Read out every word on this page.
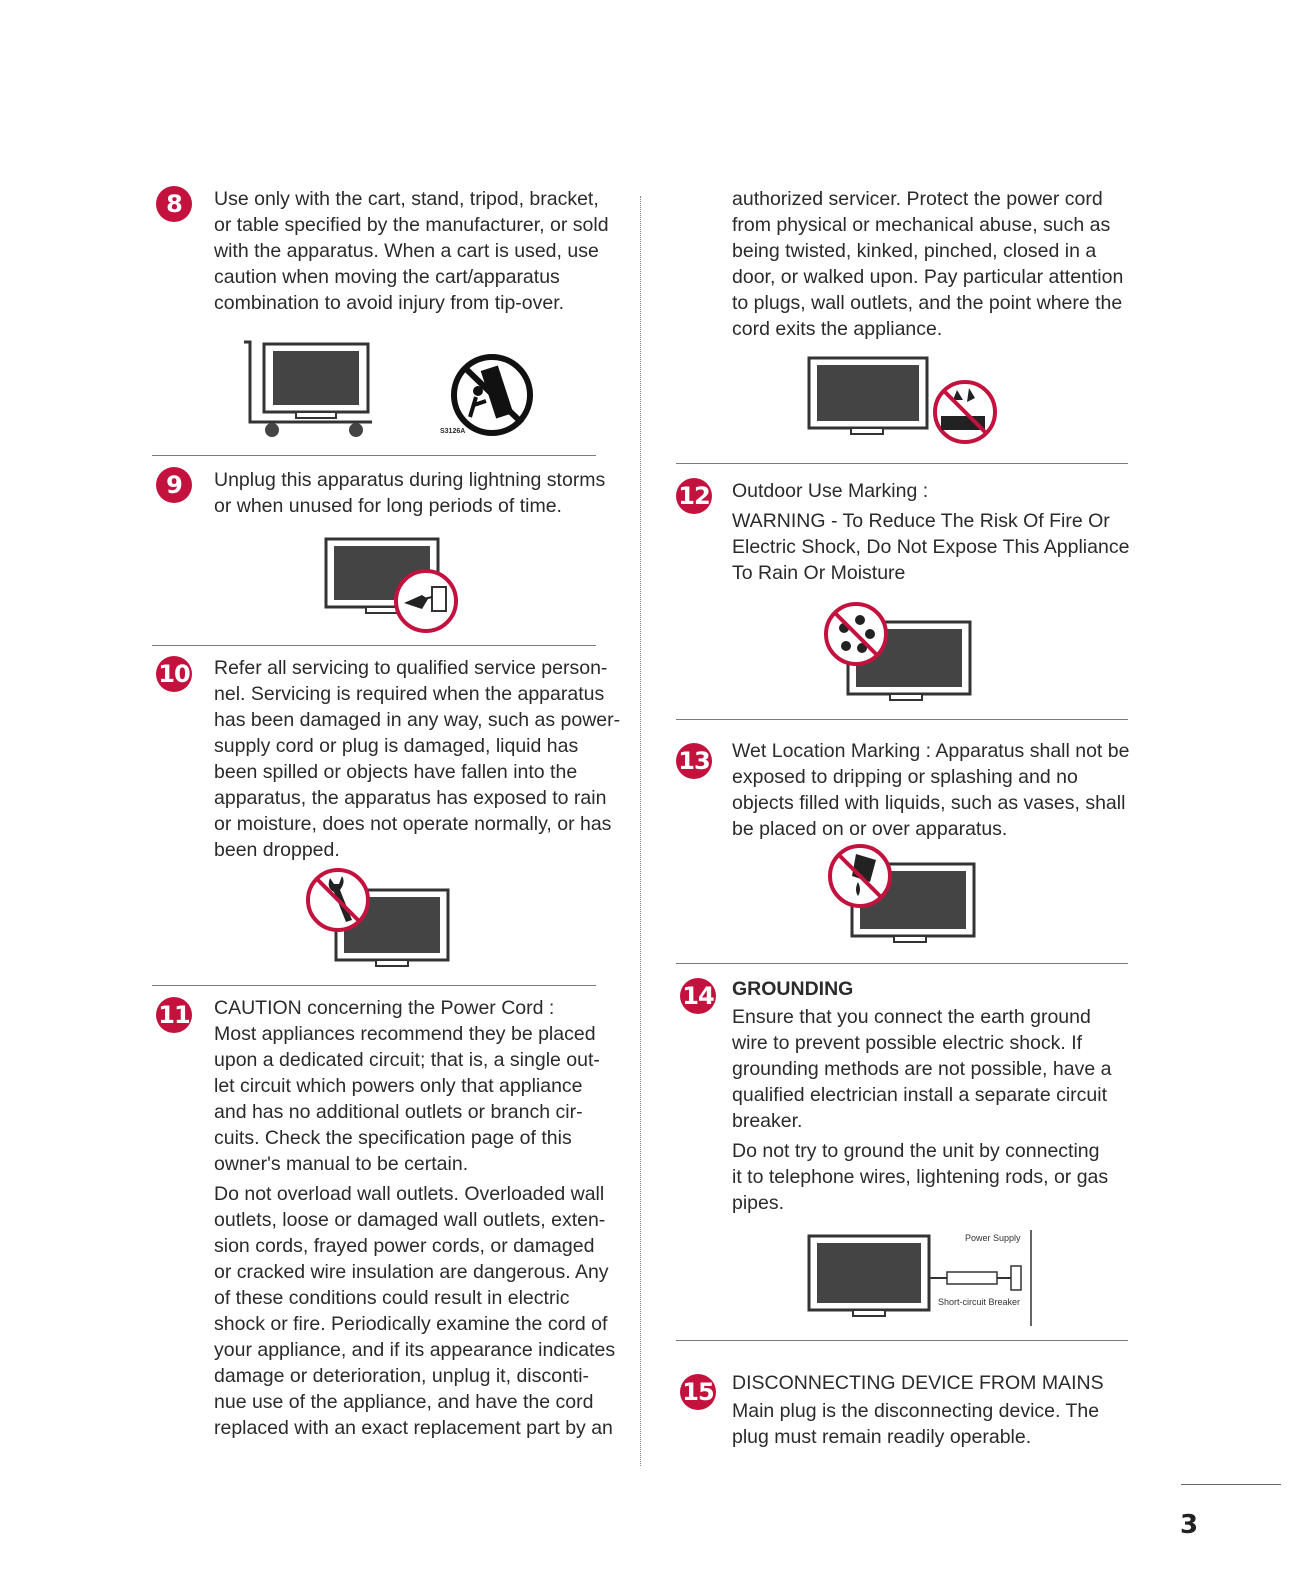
8	Use only with the cart, stand, tripod, bracket,
or table specified by the manufacturer, or sold
with the apparatus. When a cart is used, use
caution when moving the cart/apparatus
combination to avoid injury from tip-over.
S3126A
9	Unplug this apparatus during lightning storms
or when unused for long periods of time.
10 Refer all servicing to qualified service person-
nel. Servicing is required when the apparatus
has been damaged in any way, such as power-
supply cord or plug is damaged, liquid has
been spilled or objects have fallen into the
apparatus, the apparatus has exposed to rain
or moisture, does not operate normally, or has
been dropped.
11 CAUTION concerning the Power Cord :
Most appliances recommend they be placed
upon a dedicated circuit; that is, a single out-
let circuit which powers only that appliance
and has no additional outlets or branch cir-
cuits. Check the specification page of this
owner's manual to be certain.

Do not overload wall outlets. Overloaded wall
outlets, loose or damaged wall outlets, exten-
sion cords, frayed power cords, or damaged
or cracked wire insulation are dangerous. Any
of these conditions could result in electric
shock or fire. Periodically examine the cord of
your appliance, and if its appearance indicates
damage or deterioration, unplug it, disconti-
nue use of the appliance, and have the cord
replaced with an exact replacement part by an

authorized servicer. Protect the power cord
from physical or mechanical abuse, such as
being twisted, kinked, pinched, closed in a
door, or walked upon. Pay particular attention
to plugs, wall outlets, and the point where the
cord exits the appliance.
12 Outdoor Use Marking :

WARNING - To Reduce The Risk Of Fire Or
Electric Shock, Do Not Expose This Appliance
To Rain Or Moisture
13 Wet Location Marking : Apparatus shall not be
exposed to dripping or splashing and no
objects filled with liquids, such as vases, shall
be placed on or over apparatus.
14 GROUNDING

Ensure that you connect the earth ground
wire to prevent possible electric shock. If
grounding methods are not possible, have a
qualified electrician install a separate circuit
breaker.

Do not try to ground the unit by connecting
it to telephone wires, lightening rods, or gas
pipes.

Power Supply
Short-circuit Breaker
15 DISCONNECTING DEVICE FROM MAINS

Main plug is the disconnecting device. The
plug must remain readily operable.
3
